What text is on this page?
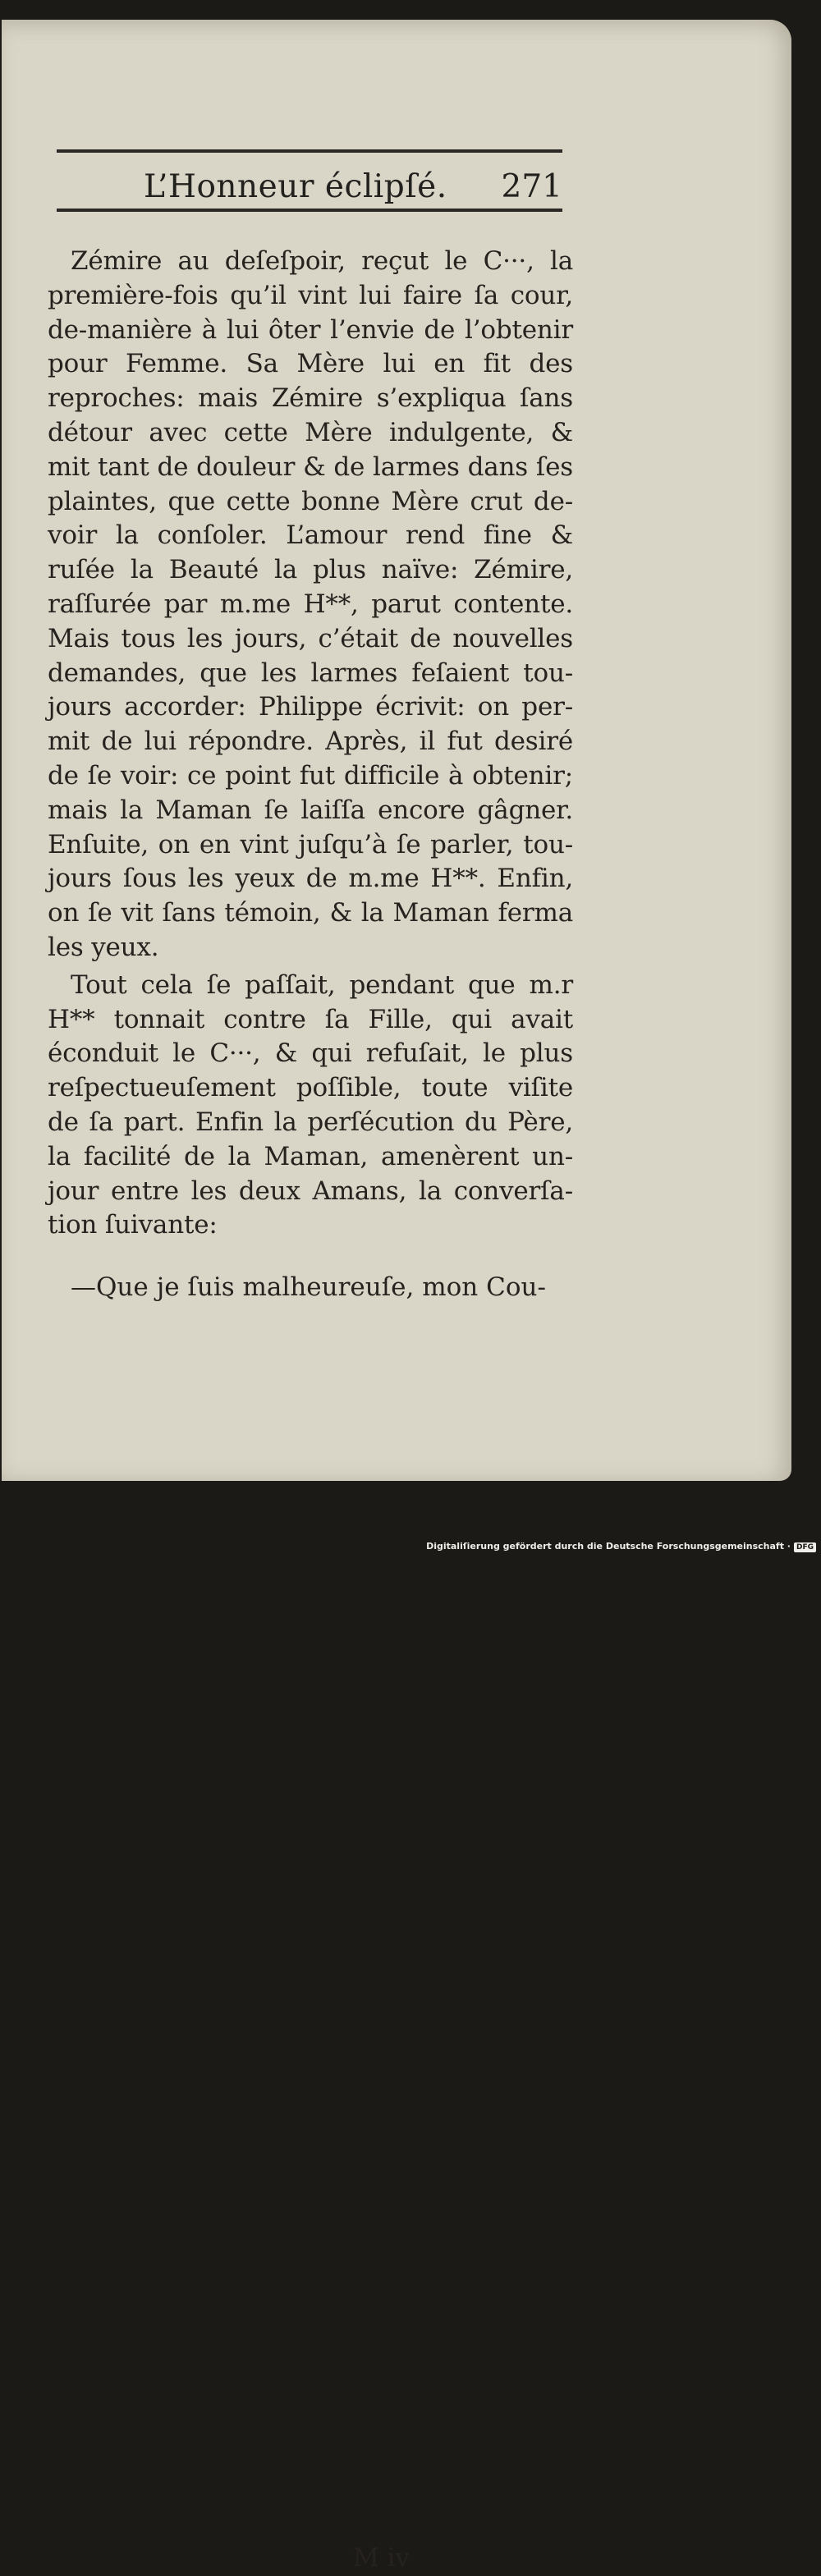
L’Honneur éclipſé. 271
Zémire au deſeſpoir, reçut le C···, la
première-fois qu’il vint lui faire ſa cour,
de-manière à lui ôter l’envie de l’obtenir
pour Femme. Sa Mère lui en fit des
reproches: mais Zémire s’expliqua ſans
détour avec cette Mère indulgente, &
mit tant de douleur & de larmes dans ſes
plaintes, que cette bonne Mère crut de-
voir la conſoler. L’amour rend fine &
ruſée la Beauté la plus naïve: Zémire,
raſſurée par m.me H**, parut contente.
Mais tous les jours, c’était de nouvelles
demandes, que les larmes feſaient tou-
jours accorder: Philippe écrivit: on per-
mit de lui répondre. Après, il fut desiré
de ſe voir: ce point fut difficile à obtenir;
mais la Maman ſe laiſſa encore gâgner.
Enſuite, on en vint juſqu’à ſe parler, tou-
jours ſous les yeux de m.me H**. Enfin,
on ſe vit ſans témoin, & la Maman ferma
les yeux.
Tout cela ſe paſſait, pendant que m.r
H** tonnait contre ſa Fille, qui avait
éconduit le C···, & qui refuſait, le plus
reſpectueuſement poſſible, toute viſite
de ſa part. Enfin la perſécution du Père,
la facilité de la Maman, amenèrent un-
jour entre les deux Amans, la converſa-
tion ſuivante:
—Que je ſuis malheureuſe, mon Cou-
M iv
Digitaliſierung gefördert durch die Deutsche Forschungsgemeinschaft · DFG
